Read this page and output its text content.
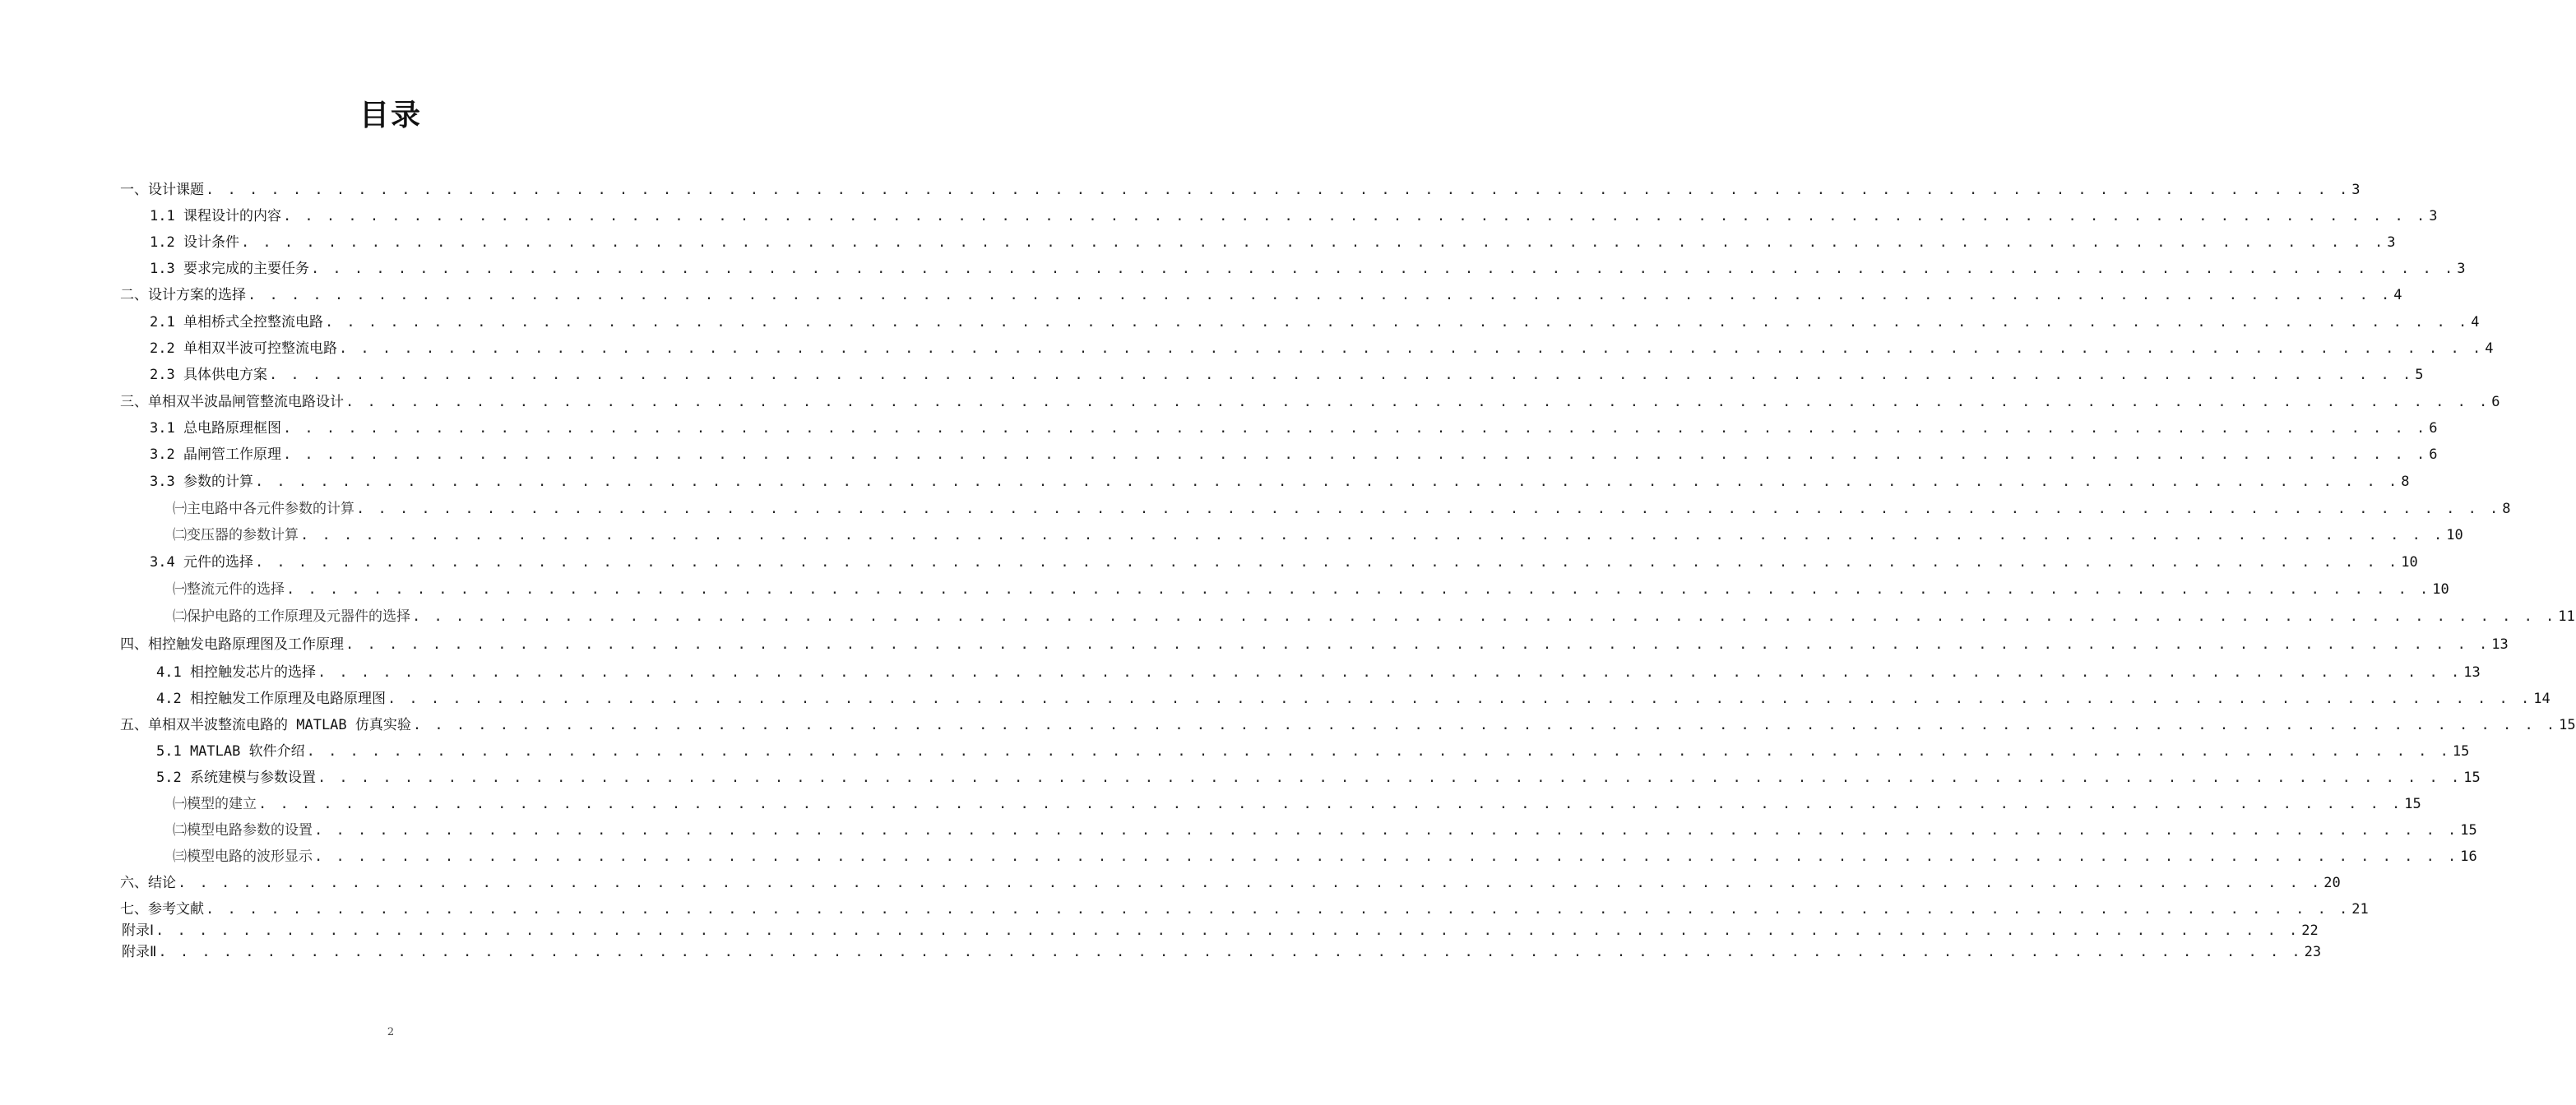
目录
一、设计课题 . . . . . . . . . . . . . . . . . . . . . . . . . . . . . . . . . . . . . . . . . . . . . . . . . . . . . . . . . . . . . . . . . . . . . . . . . . . . . . . . . . . . . . . . . . . . . . . . . . . 3
1.1 课程设计的内容 . . . . . . . . . . . . . . . . . . . . . . . . . . . . . . . . . . . . . . . . . . . . . . . . . . . . . . . . . . . . . . . . . . . . . . . . . . . . . . . . . . . . . . . . . . . . . . . . . . . 3
1.2 设计条件 . . . . . . . . . . . . . . . . . . . . . . . . . . . . . . . . . . . . . . . . . . . . . . . . . . . . . . . . . . . . . . . . . . . . . . . . . . . . . . . . . . . . . . . . . . . . . . . . . . . 3
1.3 要求完成的主要任务 . . . . . . . . . . . . . . . . . . . . . . . . . . . . . . . . . . . . . . . . . . . . . . . . . . . . . . . . . . . . . . . . . . . . . . . . . . . . . . . . . . . . . . . . . . . . . . . . . . . 3
二、设计方案的选择 . . . . . . . . . . . . . . . . . . . . . . . . . . . . . . . . . . . . . . . . . . . . . . . . . . . . . . . . . . . . . . . . . . . . . . . . . . . . . . . . . . . . . . . . . . . . . . . . . . . 4
2.1 单相桥式全控整流电路 . . . . . . . . . . . . . . . . . . . . . . . . . . . . . . . . . . . . . . . . . . . . . . . . . . . . . . . . . . . . . . . . . . . . . . . . . . . . . . . . . . . . . . . . . . . . . . . . . . . 4
2.2 单相双半波可控整流电路 . . . . . . . . . . . . . . . . . . . . . . . . . . . . . . . . . . . . . . . . . . . . . . . . . . . . . . . . . . . . . . . . . . . . . . . . . . . . . . . . . . . . . . . . . . . . . . . . . . . 4
2.3 具体供电方案 . . . . . . . . . . . . . . . . . . . . . . . . . . . . . . . . . . . . . . . . . . . . . . . . . . . . . . . . . . . . . . . . . . . . . . . . . . . . . . . . . . . . . . . . . . . . . . . . . . . 5
三、单相双半波晶闸管整流电路设计 . . . . . . . . . . . . . . . . . . . . . . . . . . . . . . . . . . . . . . . . . . . . . . . . . . . . . . . . . . . . . . . . . . . . . . . . . . . . . . . . . . . . . . . . . . . . . . . . . . . 6
3.1 总电路原理框图 . . . . . . . . . . . . . . . . . . . . . . . . . . . . . . . . . . . . . . . . . . . . . . . . . . . . . . . . . . . . . . . . . . . . . . . . . . . . . . . . . . . . . . . . . . . . . . . . . . . 6
3.2 晶闸管工作原理 . . . . . . . . . . . . . . . . . . . . . . . . . . . . . . . . . . . . . . . . . . . . . . . . . . . . . . . . . . . . . . . . . . . . . . . . . . . . . . . . . . . . . . . . . . . . . . . . . . . 6
3.3 参数的计算 . . . . . . . . . . . . . . . . . . . . . . . . . . . . . . . . . . . . . . . . . . . . . . . . . . . . . . . . . . . . . . . . . . . . . . . . . . . . . . . . . . . . . . . . . . . . . . . . . . . 8
㈠主电路中各元件参数的计算 . . . . . . . . . . . . . . . . . . . . . . . . . . . . . . . . . . . . . . . . . . . . . . . . . . . . . . . . . . . . . . . . . . . . . . . . . . . . . . . . . . . . . . . . . . . . . . . . . . . 8
㈡变压器的参数计算 . . . . . . . . . . . . . . . . . . . . . . . . . . . . . . . . . . . . . . . . . . . . . . . . . . . . . . . . . . . . . . . . . . . . . . . . . . . . . . . . . . . . . . . . . . . . . . . . . . . 10
3.4 元件的选择 . . . . . . . . . . . . . . . . . . . . . . . . . . . . . . . . . . . . . . . . . . . . . . . . . . . . . . . . . . . . . . . . . . . . . . . . . . . . . . . . . . . . . . . . . . . . . . . . . . . 10
㈠整流元件的选择 . . . . . . . . . . . . . . . . . . . . . . . . . . . . . . . . . . . . . . . . . . . . . . . . . . . . . . . . . . . . . . . . . . . . . . . . . . . . . . . . . . . . . . . . . . . . . . . . . . . 10
㈡保护电路的工作原理及元器件的选择 . . . . . . . . . . . . . . . . . . . . . . . . . . . . . . . . . . . . . . . . . . . . . . . . . . . . . . . . . . . . . . . . . . . . . . . . . . . . . . . . . . . . . . . . . . . . . . . . . . . 11
四、相控触发电路原理图及工作原理 . . . . . . . . . . . . . . . . . . . . . . . . . . . . . . . . . . . . . . . . . . . . . . . . . . . . . . . . . . . . . . . . . . . . . . . . . . . . . . . . . . . . . . . . . . . . . . . . . . . 13
4.1 相控触发芯片的选择 . . . . . . . . . . . . . . . . . . . . . . . . . . . . . . . . . . . . . . . . . . . . . . . . . . . . . . . . . . . . . . . . . . . . . . . . . . . . . . . . . . . . . . . . . . . . . . . . . . . 13
4.2 相控触发工作原理及电路原理图 . . . . . . . . . . . . . . . . . . . . . . . . . . . . . . . . . . . . . . . . . . . . . . . . . . . . . . . . . . . . . . . . . . . . . . . . . . . . . . . . . . . . . . . . . . . . . . . . . . . 14
五、单相双半波整流电路的 MATLAB 仿真实验 . . . . . . . . . . . . . . . . . . . . . . . . . . . . . . . . . . . . . . . . . . . . . . . . . . . . . . . . . . . . . . . . . . . . . . . . . . . . . . . . . . . . . . . . . . . . . . . . . . . 15
5.1 MATLAB 软件介绍 . . . . . . . . . . . . . . . . . . . . . . . . . . . . . . . . . . . . . . . . . . . . . . . . . . . . . . . . . . . . . . . . . . . . . . . . . . . . . . . . . . . . . . . . . . . . . . . . . . . 15
5.2 系统建模与参数设置 . . . . . . . . . . . . . . . . . . . . . . . . . . . . . . . . . . . . . . . . . . . . . . . . . . . . . . . . . . . . . . . . . . . . . . . . . . . . . . . . . . . . . . . . . . . . . . . . . . . 15
㈠模型的建立 . . . . . . . . . . . . . . . . . . . . . . . . . . . . . . . . . . . . . . . . . . . . . . . . . . . . . . . . . . . . . . . . . . . . . . . . . . . . . . . . . . . . . . . . . . . . . . . . . . . 15
㈡模型电路参数的设置 . . . . . . . . . . . . . . . . . . . . . . . . . . . . . . . . . . . . . . . . . . . . . . . . . . . . . . . . . . . . . . . . . . . . . . . . . . . . . . . . . . . . . . . . . . . . . . . . . . . 15
㈢模型电路的波形显示 . . . . . . . . . . . . . . . . . . . . . . . . . . . . . . . . . . . . . . . . . . . . . . . . . . . . . . . . . . . . . . . . . . . . . . . . . . . . . . . . . . . . . . . . . . . . . . . . . . . 16
六、结论 . . . . . . . . . . . . . . . . . . . . . . . . . . . . . . . . . . . . . . . . . . . . . . . . . . . . . . . . . . . . . . . . . . . . . . . . . . . . . . . . . . . . . . . . . . . . . . . . . . . 20
七、参考文献 . . . . . . . . . . . . . . . . . . . . . . . . . . . . . . . . . . . . . . . . . . . . . . . . . . . . . . . . . . . . . . . . . . . . . . . . . . . . . . . . . . . . . . . . . . . . . . . . . . . 21
附录Ⅰ . . . . . . . . . . . . . . . . . . . . . . . . . . . . . . . . . . . . . . . . . . . . . . . . . . . . . . . . . . . . . . . . . . . . . . . . . . . . . . . . . . . . . . . . . . . . . . . . . . . 22
附录Ⅱ . . . . . . . . . . . . . . . . . . . . . . . . . . . . . . . . . . . . . . . . . . . . . . . . . . . . . . . . . . . . . . . . . . . . . . . . . . . . . . . . . . . . . . . . . . . . . . . . . . . 23
2
